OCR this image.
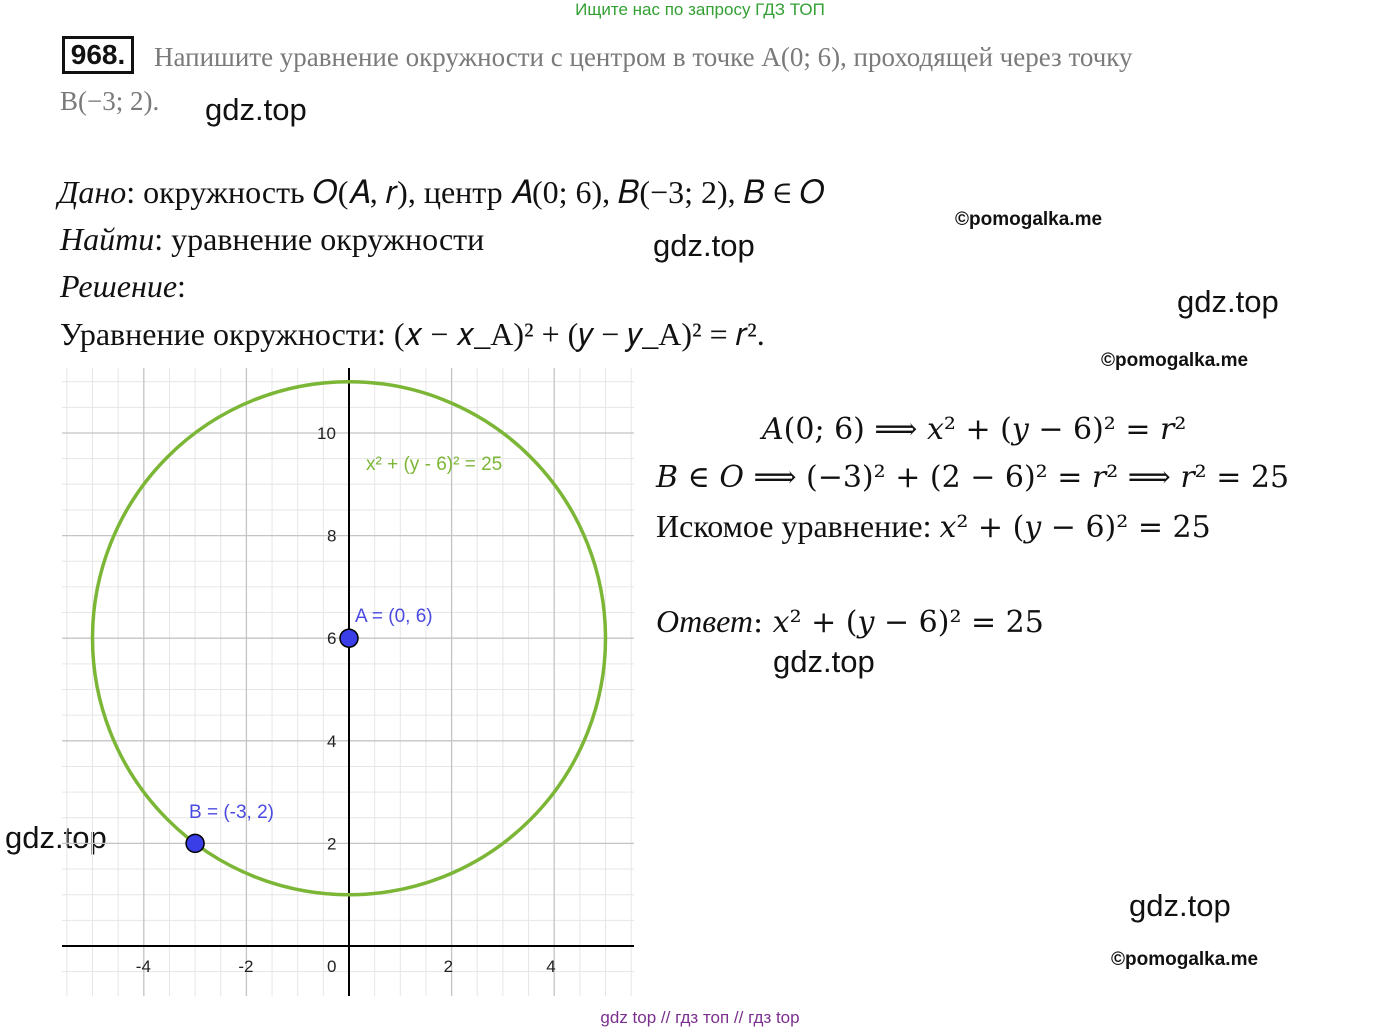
Ищите нас по запросу ГДЗ ТОП
968.	Напишите уравнение окружности с центром в точке A(0; 6), проходящей через точку
B(−3; 2). gdz.top
gdz.top
gdz.top
gdz.top
gdz.top
gdz.top
©pomogalka.me
©pomogalka.me
©pomogalka.me
Дано: окружность 𝑂(𝐴, 𝑟), центр 𝐴(0; 6), 𝐵(−3; 2), 𝐵 ∈ 𝑂
Найти: уравнение окружности
Решение:
Уравнение окружности: (𝑥 − 𝑥_A)² + (𝑦 − 𝑦_A)² = 𝑟².
𝐴(0; 6) ⟹ 𝑥² + (𝑦 − 6)² = 𝑟²
𝐵 ∈ 𝑂 ⟹ (−3)² + (2 − 6)² = 𝑟² ⟹ 𝑟² = 25
Искомое уравнение: 𝑥² + (𝑦 − 6)² = 25
Ответ: 𝑥² + (𝑦 − 6)² = 25
-4	-2	0	2	4
2
4
6
8
10
x² + (y - 6)² = 25
A = (0, 6)
B = (-3, 2)
gdz top // гдз топ // гдз top
